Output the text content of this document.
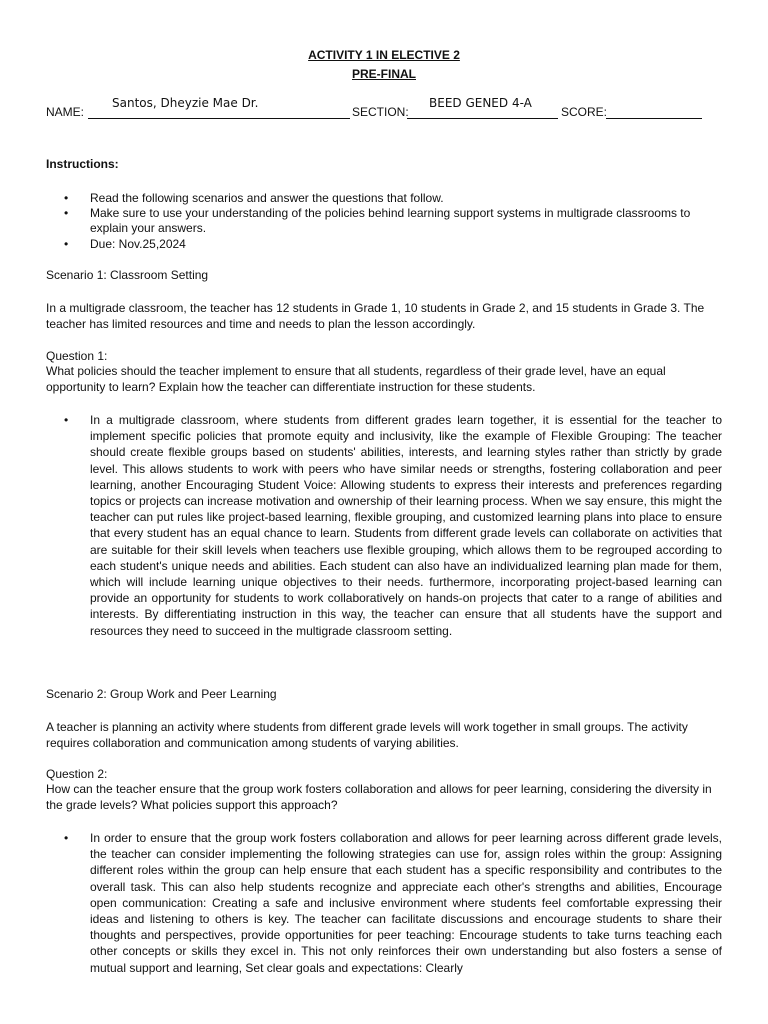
ACTIVITY 1 IN ELECTIVE 2
PRE-FINAL
NAME:
Santos, Dheyzie Mae Dr.
SECTION:
BEED GENED 4-A
SCORE:
Instructions:
• Read the following scenarios and answer the questions that follow.
• Make sure to use your understanding of the policies behind learning support systems in multigrade classrooms to explain your answers.
• Due: Nov.25,2024
Scenario 1: Classroom Setting
In a multigrade classroom, the teacher has 12 students in Grade 1, 10 students in Grade 2, and 15 students in Grade 3. The teacher has limited resources and time and needs to plan the lesson accordingly.
Question 1:
What policies should the teacher implement to ensure that all students, regardless of their grade level, have an equal opportunity to learn? Explain how the teacher can differentiate instruction for these students.
• In a multigrade classroom, where students from different grades learn together, it is essential for the teacher to implement specific policies that promote equity and inclusivity, like the example of Flexible Grouping: The teacher should create flexible groups based on students' abilities, interests, and learning styles rather than strictly by grade level. This allows students to work with peers who have similar needs or strengths, fostering collaboration and peer learning, another Encouraging Student Voice: Allowing students to express their interests and preferences regarding topics or projects can increase motivation and ownership of their learning process. When we say ensure, this might the teacher can put rules like project-based learning, flexible grouping, and customized learning plans into place to ensure that every student has an equal chance to learn. Students from different grade levels can collaborate on activities that are suitable for their skill levels when teachers use flexible grouping, which allows them to be regrouped according to each student's unique needs and abilities. Each student can also have an individualized learning plan made for them, which will include learning unique objectives to their needs. furthermore, incorporating project-based learning can provide an opportunity for students to work collaboratively on hands-on projects that cater to a range of abilities and interests. By differentiating instruction in this way, the teacher can ensure that all students have the support and resources they need to succeed in the multigrade classroom setting.

Scenario 2: Group Work and Peer Learning
A teacher is planning an activity where students from different grade levels will work together in small groups. The activity requires collaboration and communication among students of varying abilities.
Question 2:
How can the teacher ensure that the group work fosters collaboration and allows for peer learning, considering the diversity in the grade levels? What policies support this approach?
• In order to ensure that the group work fosters collaboration and allows for peer learning across different grade levels, the teacher can consider implementing the following strategies can use for, assign roles within the group: Assigning different roles within the group can help ensure that each student has a specific responsibility and contributes to the overall task. This can also help students recognize and appreciate each other's strengths and abilities, Encourage open communication: Creating a safe and inclusive environment where students feel comfortable expressing their ideas and listening to others is key. The teacher can facilitate discussions and encourage students to share their thoughts and perspectives, provide opportunities for peer teaching: Encourage students to take turns teaching each other concepts or skills they excel in. This not only reinforces their own understanding but also fosters a sense of mutual support and learning, Set clear goals and expectations: Clearly
